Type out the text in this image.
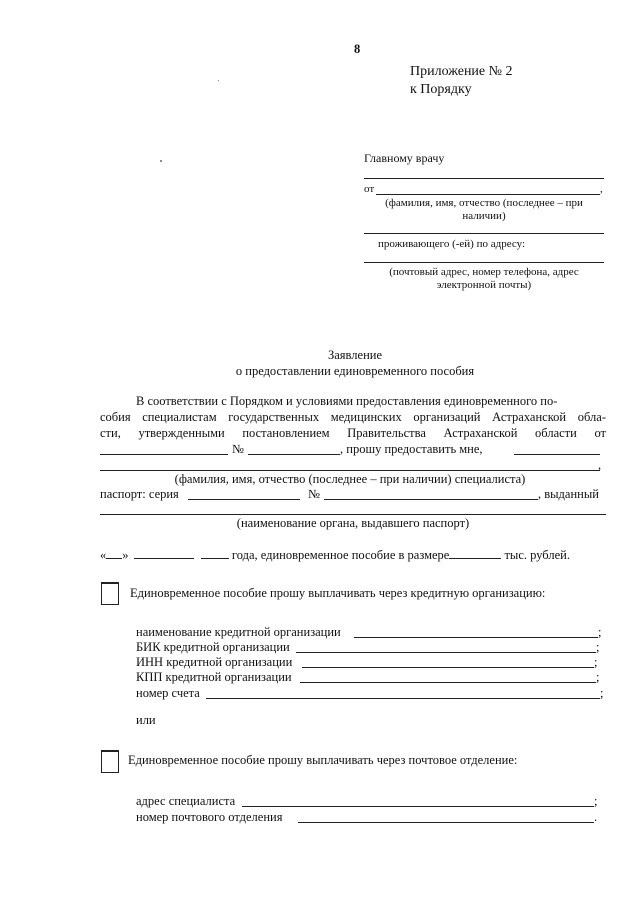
8
Приложение № 2
к Порядку
Главному врачу
от	,
(фамилия, имя, отчество (последнее – при
наличии)
проживающего (-ей) по адресу:
(почтовый адрес, номер телефона, адрес
электронной почты)
Заявление
о предоставлении единовременного пособия
В соответствии с Порядком и условиями предоставления единовременного по-
собия специалистам государственных медицинских организаций Астраханской обла-
сти, утвержденными постановлением Правительства Астраханской области от
№	, прошу предоставить мне,
,
(фамилия, имя, отчество (последнее – при наличии) специалиста)
паспорт: серия	№	, выданный
(наименование органа, выдавшего паспорт)
« »	года, единовременное пособие в размере	тыс. рублей.
Единовременное пособие прошу выплачивать через кредитную организацию:
наименование кредитной организации	;
БИК кредитной организации	;
ИНН кредитной организации	;
КПП кредитной организации	;
номер счета	;
или
Единовременное пособие прошу выплачивать через почтовое отделение:
адрес специалиста	;
номер почтового отделения	.
